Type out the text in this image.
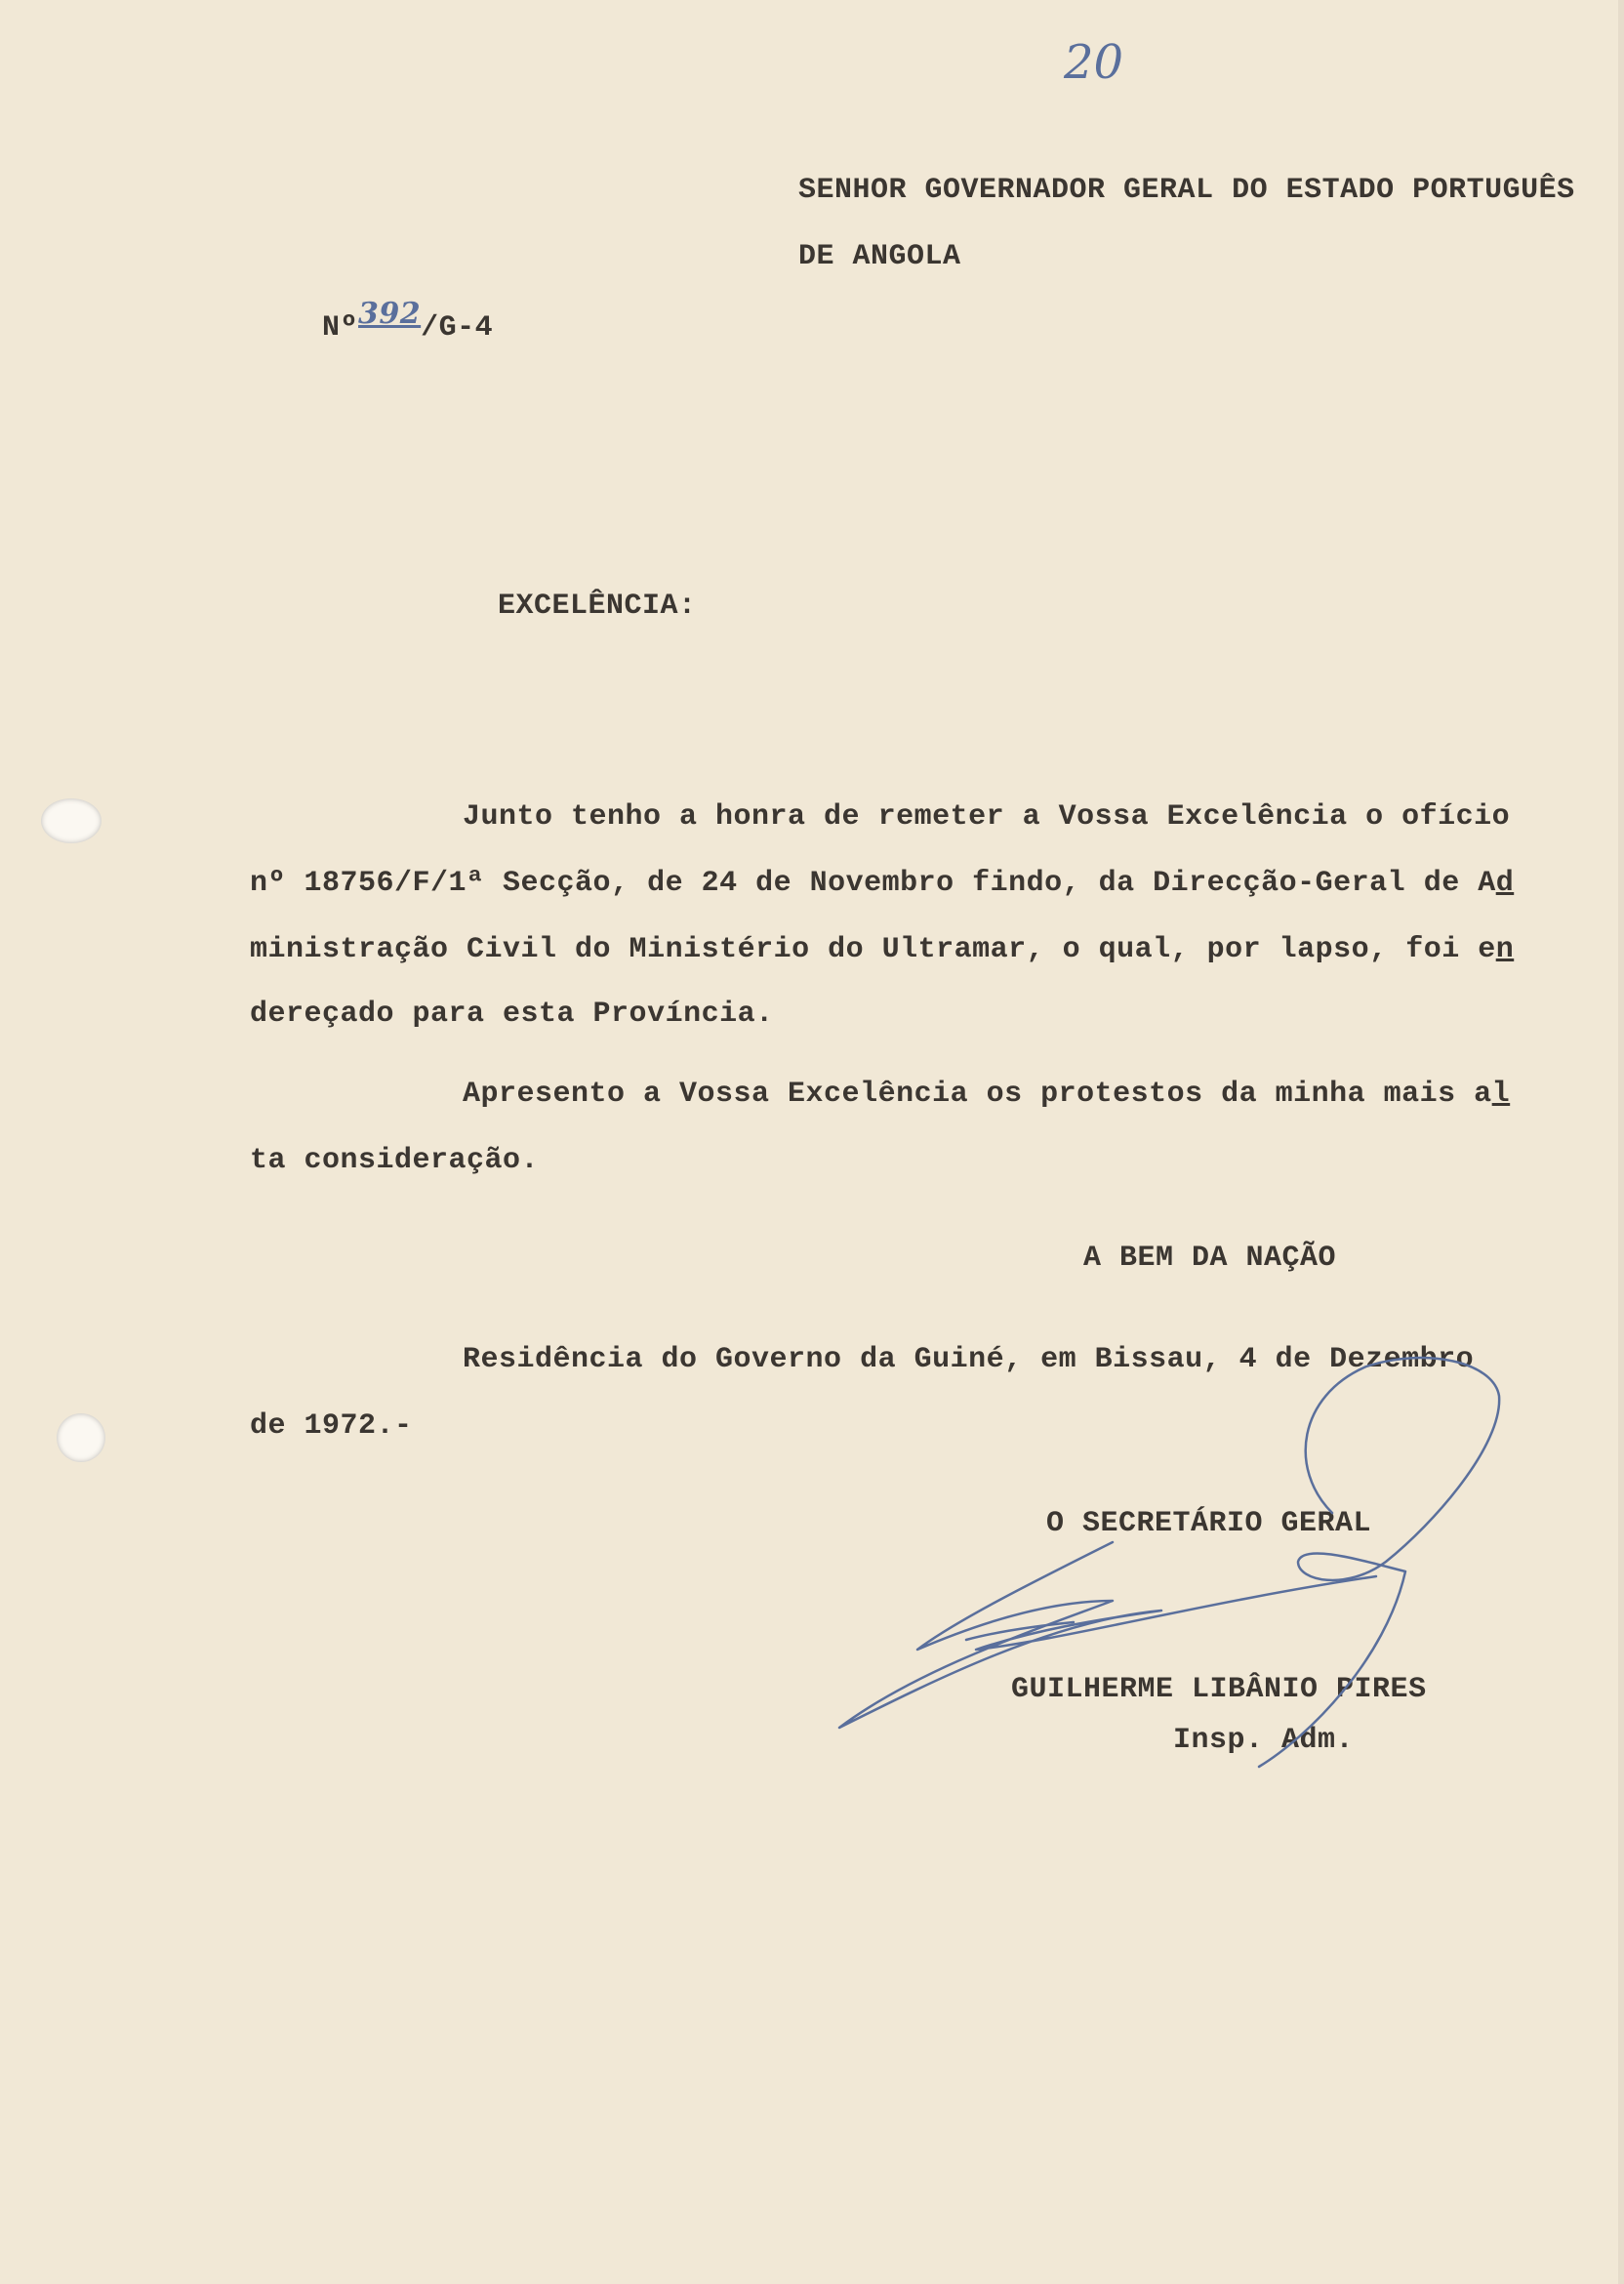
20
SENHOR GOVERNADOR GERAL DO ESTADO PORTUGUÊS
DE ANGOLA

Nº392/G-4

EXCELÊNCIA:
Junto tenho a honra de remeter a Vossa Excelência o ofício
nº 18756/F/1ª Secção, de 24 de Novembro findo, da Direcção-Geral de Ad
ministração Civil do Ministério do Ultramar, o qual, por lapso, foi en
dereçado para esta Província.
Apresento a Vossa Excelência os protestos da minha mais al
ta consideração.
A BEM DA NAÇÃO
Residência do Governo da Guiné, em Bissau, 4 de Dezembro
de 1972.-
O SECRETÁRIO GERAL
GUILHERME LIBÂNIO PIRES
Insp. Adm.
